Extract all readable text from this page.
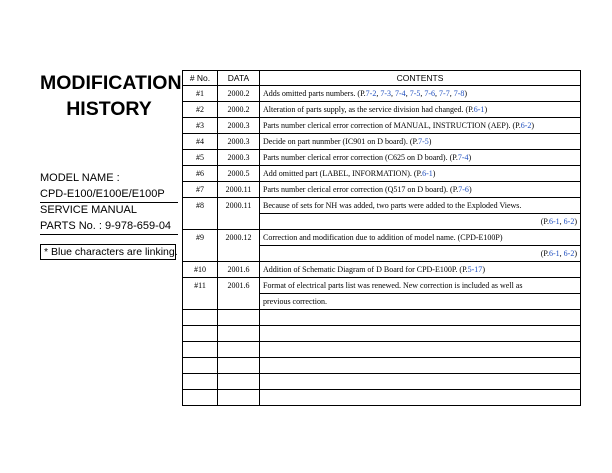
MODIFICATION
HISTORY
MODEL NAME :
CPD-E100/E100E/E100P
SERVICE MANUAL
PARTS No. : 9-978-659-04
* Blue characters are linking.
# No.	DATA	CONTENTS
#1	2000.2	Adds omitted parts numbers. (P.7-2, 7-3, 7-4, 7-5, 7-6, 7-7, 7-8)
#2	2000.2	Alteration of parts supply, as the service division had changed. (P.6-1)
#3	2000.3	Parts number clerical error correction of MANUAL, INSTRUCTION (AEP). (P.6-2)
#4	2000.3	Decide on part nunmber (IC901 on D board). (P.7-5)
#5	2000.3	Parts number clerical error correction (C625 on D board). (P.7-4)
#6	2000.5	Add omitted part (LABEL, INFORMATION). (P.6-1)
#7	2000.11	Parts number clerical error correction (Q517 on D board). (P.7-6)
#8	2000.11	Because of sets for NH was added, two parts were added to the Exploded Views.
		(P.6-1, 6-2)
#9	2000.12	Correction and modification due to addition of model name. (CPD-E100P)
		(P.6-1, 6-2)
#10	2001.6	Addition of Schematic Diagram of D Board for CPD-E100P. (P.5-17)
#11	2001.6	Format of electrical parts list was renewed. New correction is included as well as
		previous correction.
